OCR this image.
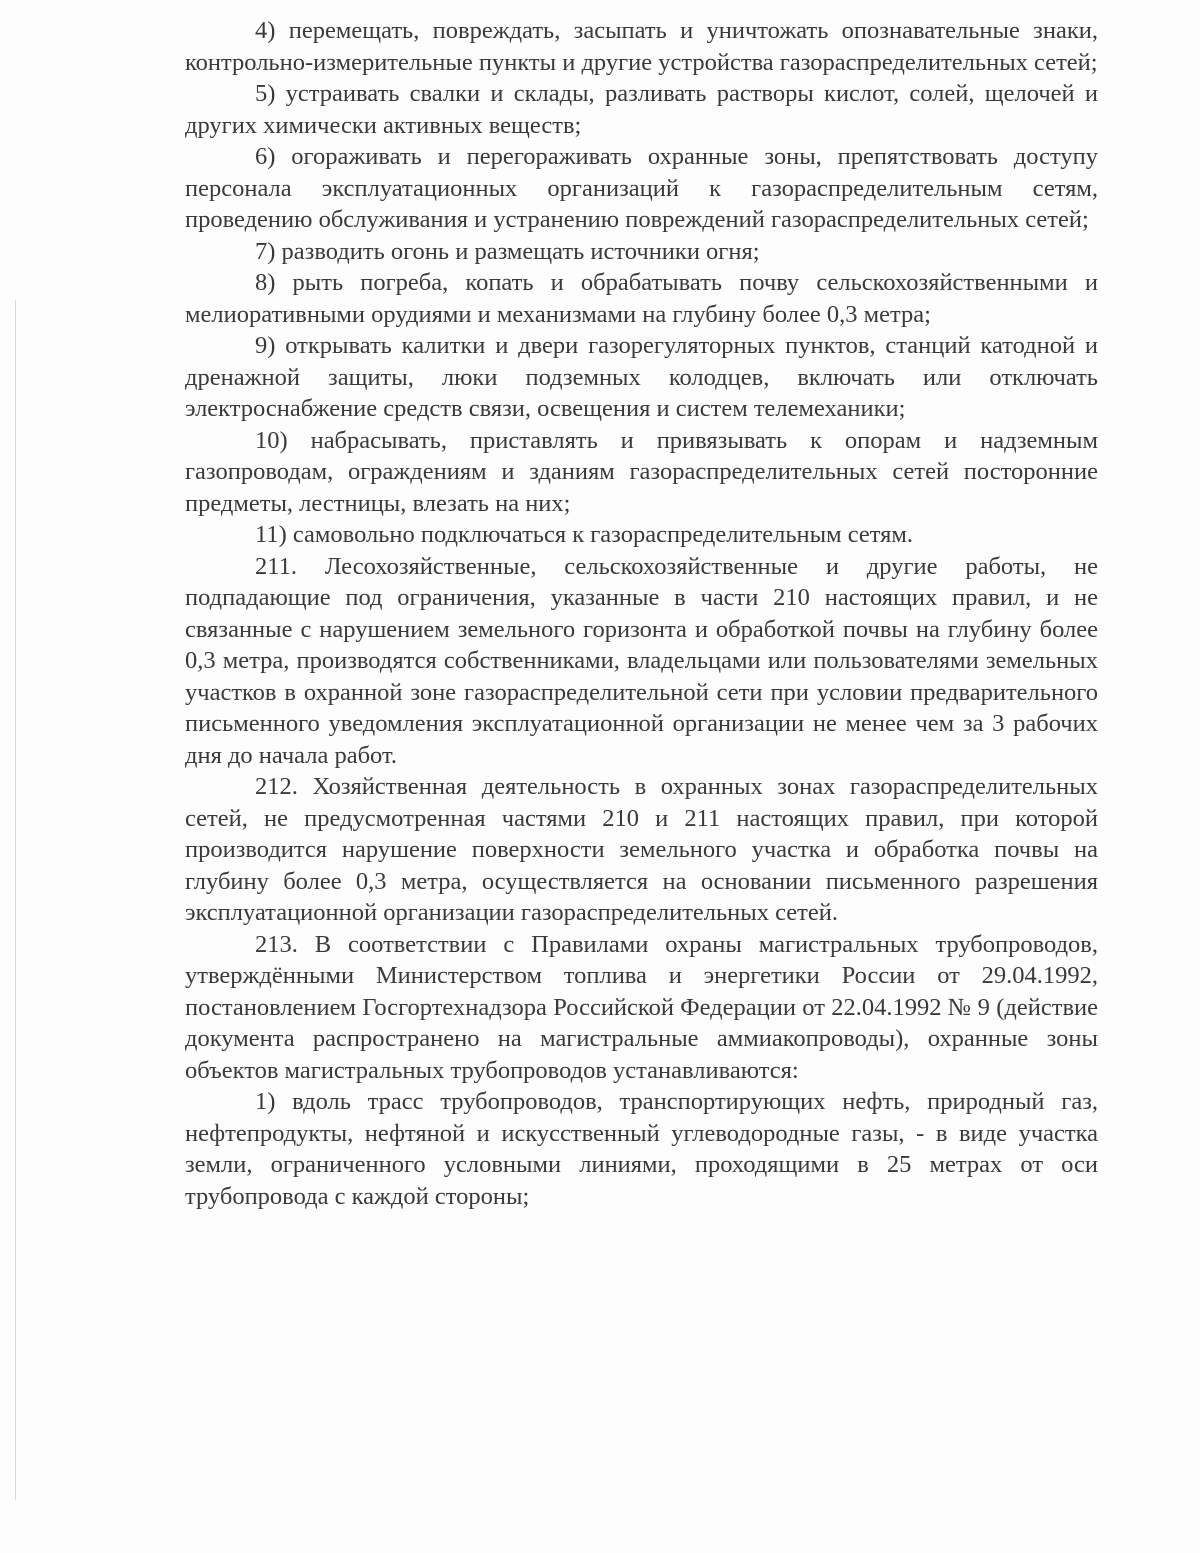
4) перемещать, повреждать, засыпать и уничтожать опознавательные знаки, контрольно-измерительные пункты и другие устройства газораспределительных сетей;

5) устраивать свалки и склады, разливать растворы кислот, солей, щелочей и других химически активных веществ;

6) огораживать и перегораживать охранные зоны, препятствовать доступу персонала эксплуатационных организаций к газораспределительным сетям, проведению обслуживания и устранению повреждений газораспределительных сетей;

7) разводить огонь и размещать источники огня;

8) рыть погреба, копать и обрабатывать почву сельскохозяйственными и мелиоративными орудиями и механизмами на глубину более 0,3 метра;

9) открывать калитки и двери газорегуляторных пунктов, станций катодной и дренажной защиты, люки подземных колодцев, включать или отключать электроснабжение средств связи, освещения и систем телемеханики;

10) набрасывать, приставлять и привязывать к опорам и надземным газопроводам, ограждениям и зданиям газораспределительных сетей посторонние предметы, лестницы, влезать на них;

11) самовольно подключаться к газораспределительным сетям.

211. Лесохозяйственные, сельскохозяйственные и другие работы, не подпадающие под ограничения, указанные в части 210 настоящих правил, и не связанные с нарушением земельного горизонта и обработкой почвы на глубину более 0,3 метра, производятся собственниками, владельцами или пользователями земельных участков в охранной зоне газораспределительной сети при условии предварительного письменного уведомления эксплуатационной организации не менее чем за 3 рабочих дня до начала работ.

212. Хозяйственная деятельность в охранных зонах газораспределительных сетей, не предусмотренная частями 210 и 211 настоящих правил, при которой производится нарушение поверхности земельного участка и обработка почвы на глубину более 0,3 метра, осуществляется на основании письменного разрешения эксплуатационной организации газораспределительных сетей.

213. В соответствии с Правилами охраны магистральных трубопроводов, утверждёнными Министерством топлива и энергетики России от 29.04.1992, постановлением Госгортехнадзора Российской Федерации от 22.04.1992 № 9 (действие документа распространено на магистральные аммиакопроводы), охранные зоны объектов магистральных трубопроводов устанавливаются:

1) вдоль трасс трубопроводов, транспортирующих нефть, природный газ, нефтепродукты, нефтяной и искусственный углеводородные газы, - в виде участка земли, ограниченного условными линиями, проходящими в 25 метрах от оси трубопровода с каждой стороны;
